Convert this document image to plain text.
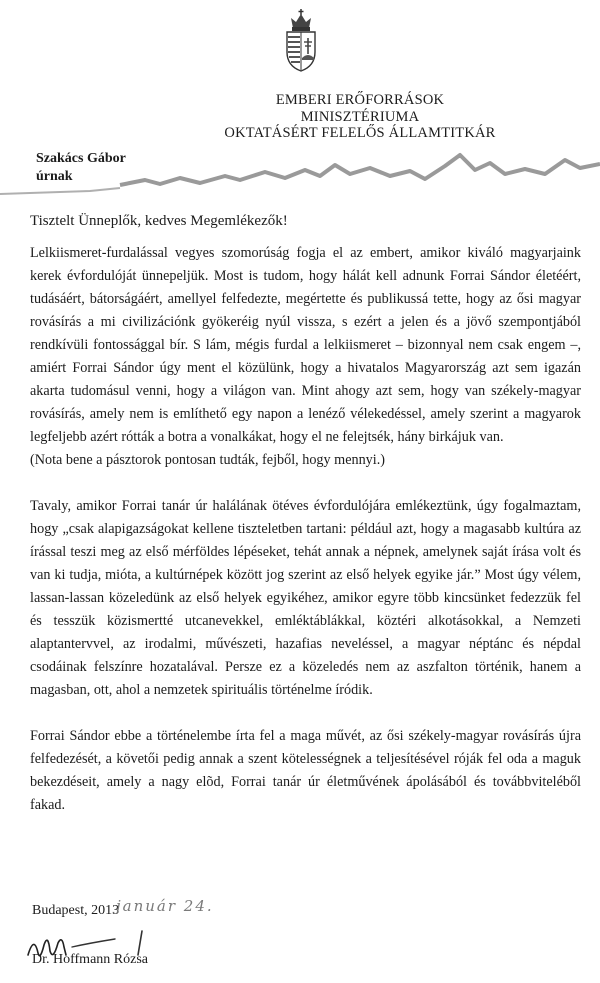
EMBERI ERŐFORRÁSOK
MINISZTÉRIUMA
OKTATÁSÉRT FELELŐS ÁLLAMTITKÁR
Szakács Gábor
úrnak
Tisztelt Ünneplők, kedves Megemlékezők!

Lelkiismeret-furdalással vegyes szomorúság fogja el az embert, amikor kiváló magyarjaink kerek évfordulóját ünnepeljük. Most is tudom, hogy hálát kell adnunk Forrai Sándor életéért, tudásáért, bátorságáért, amellyel felfedezte, megértette és publikussá tette, hogy az ősi magyar rovásírás a mi civilizációnk gyökeréig nyúl vissza, s ezért a jelen és a jövő szempontjából rendkívüli fontossággal bír. S lám, mégis furdal a lelkiismeret – bizonnyal nem csak engem –, amiért Forrai Sándor úgy ment el közülünk, hogy a hivatalos Magyarország azt sem igazán akarta tudomásul venni, hogy a világon van. Mint ahogy azt sem, hogy van székely-magyar rovásírás, amely nem is említhető egy napon a lenéző vélekedéssel, amely szerint a magyarok legfeljebb azért rótták a botra a vonalkákat, hogy el ne felejtsék, hány birkájuk van.

(Nota bene a pásztorok pontosan tudták, fejből, hogy mennyi.)

Tavaly, amikor Forrai tanár úr halálának ötéves évfordulójára emlékeztünk, úgy fogalmaztam, hogy „csak alapigazságokat kellene tiszteletben tartani: például azt, hogy a magasabb kultúra az írással teszi meg az első mérföldes lépéseket, tehát annak a népnek, amelynek saját írása volt és van ki tudja, mióta, a kultúrnépek között jog szerint az első helyek egyike jár.” Most úgy vélem, lassan-lassan közeledünk az első helyek egyikéhez, amikor egyre több kincsünket fedezzük fel és tesszük közismertté utcanevekkel, emléktáblákkal, köztéri alkotásokkal, a Nemzeti alaptantervvel, az irodalmi, művészeti, hazafias neveléssel, a magyar néptánc és népdal csodáinak felszínre hozatalával. Persze ez a közeledés nem az aszfalton történik, hanem a magasban, ott, ahol a nemzetek spirituális történelme íródik.

Forrai Sándor ebbe a történelembe írta fel a maga művét, az ősi székely-magyar rovásírás újra felfedezését, a követői pedig annak a szent kötelességnek a teljesítésével róják fel oda a maguk bekezdéseit, amely a nagy elõd, Forrai tanár úr életművének ápolásából és továbbviteléből fakad.

Budapest, 2013
január 24.
Dr. Hoffmann Rózsa
